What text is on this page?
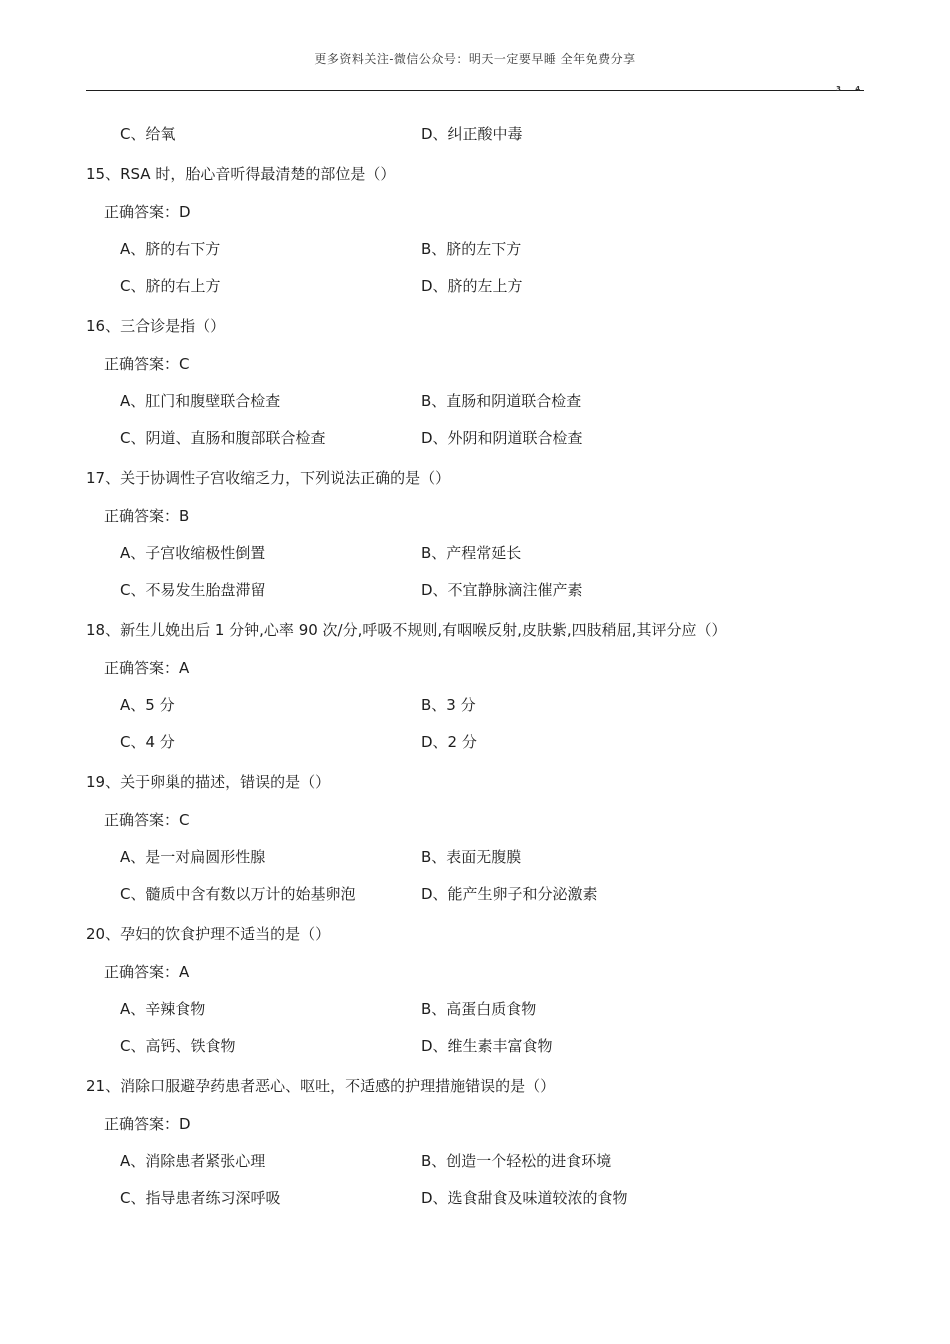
更多资料关注-微信公众号：明天一定要早睡 全年免费分享
3 4
C、给氧	D、纠正酸中毒
15、RSA 时，胎心音听得最清楚的部位是（）
正确答案：D
A、脐的右下方	B、脐的左下方
C、脐的右上方	D、脐的左上方
16、三合诊是指（）
正确答案：C
A、肛门和腹壁联合检查	B、直肠和阴道联合检查
C、阴道、直肠和腹部联合检查	D、外阴和阴道联合检查
17、关于协调性子宫收缩乏力，下列说法正确的是（）
正确答案：B
A、子宫收缩极性倒置	B、产程常延长
C、不易发生胎盘滞留	D、不宜静脉滴注催产素
18、新生儿娩出后 1 分钟,心率 90 次/分,呼吸不规则,有咽喉反射,皮肤紫,四肢稍屈,其评分应（）
正确答案：A
A、5 分	B、3 分
C、4 分	D、2 分
19、关于卵巢的描述，错误的是（）
正确答案：C
A、是一对扁圆形性腺	B、表面无腹膜
C、髓质中含有数以万计的始基卵泡	D、能产生卵子和分泌激素
20、孕妇的饮食护理不适当的是（）
正确答案：A
A、辛辣食物	B、高蛋白质食物
C、高钙、铁食物	D、维生素丰富食物
21、消除口服避孕药患者恶心、呕吐，不适感的护理措施错误的是（）
正确答案：D
A、消除患者紧张心理	B、创造一个轻松的进食环境
C、指导患者练习深呼吸	D、选食甜食及味道较浓的食物
